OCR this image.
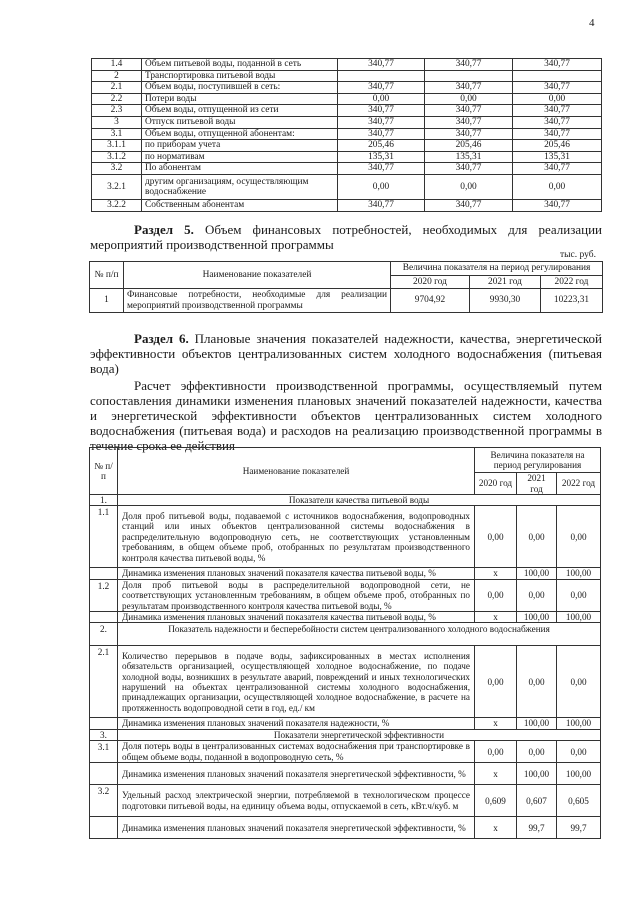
4
1.4	Объем питьевой воды, поданной в сеть	340,77	340,77	340,77
2	Транспортировка питьевой воды			
2.1	Объем воды, поступившей в сеть:	340,77	340,77	340,77
2.2	Потери воды	0,00	0,00	0,00
2.3	Объем воды, отпущенной из сети	340,77	340,77	340,77
3	Отпуск питьевой воды	340,77	340,77	340,77
3.1	Объем воды, отпущенной абонентам:	340,77	340,77	340,77
3.1.1	по приборам учета	205,46	205,46	205,46
3.1.2	по нормативам	135,31	135,31	135,31
3.2	По абонентам	340,77	340,77	340,77
3.2.1	другим организациям, осуществляющим водоснабжение	0,00	0,00	0,00
3.2.2	Собственным абонентам	340,77	340,77	340,77
Раздел 5. Объем финансовых потребностей, необходимых для реализации мероприятий производственной программы
тыс. руб.
№ п/п	Наименование показателей	Величина показателя на период регулирования		
		2020 год	2021 год	2022 год
1	Финансовые потребности, необходимые для реализации мероприятий производственной программы	9704,92	9930,30	10223,31
Раздел 6. Плановые значения показателей надежности, качества, энергетической эффективности объектов централизованных систем холодного водоснабжения (питьевая вода)
Расчет эффективности производственной программы, осуществляемый путем сопоставления динамики изменения плановых значений показателей надежности, качества и энергетической эффективности объектов централизованных систем холодного водоснабжения (питьевая вода) и расходов на реализацию производственной программы в течение срока ее действия
№ п/п	Наименование показателей	Величина показателя на период регулирования		
		2020 год	2021 год	2022 год
1.	Показатели качества питьевой воды			
1.1	Доля проб питьевой воды, подаваемой с источников водоснабжения, водопроводных станций или иных объектов централизованной системы водоснабжения в распределительную водопроводную сеть, не соответствующих установленным требованиям, в общем объеме проб, отобранных по результатам производственного контроля качества питьевой воды, %	0,00	0,00	0,00
	Динамика изменения плановых значений показателя качества питьевой воды, %	х	100,00	100,00
1.2	Доля проб питьевой воды в распределительной водопроводной сети, не соответствующих установленным требованиям, в общем объеме проб, отобранных по результатам производственного контроля качества питьевой воды, %	0,00	0,00	0,00
	Динамика изменения плановых значений показателя качества питьевой воды, %	х	100,00	100,00
2.	Показатель надежности и бесперебойности систем централизованного холодного водоснабжения			
2.1	Количество перерывов в подаче воды, зафиксированных в местах исполнения обязательств организацией, осуществляющей холодное водоснабжение, по подаче холодной воды, возникших в результате аварий, повреждений и иных технологических нарушений на объектах централизованной системы холодного водоснабжения, принадлежащих организации, осуществляющей холодное водоснабжение, в расчете на протяженность водопроводной сети в год, ед./ км	0,00	0,00	0,00
	Динамика изменения плановых значений показателя надежности, %	х	100,00	100,00
3.	Показатели энергетической эффективности			
3.1	Доля потерь воды в централизованных системах водоснабжения при транспортировке в общем объеме воды, поданной в водопроводную сеть, %	0,00	0,00	0,00
	Динамика изменения плановых значений показателя энергетической эффективности, %	х	100,00	100,00
3.2	Удельный расход электрической энергии, потребляемой в технологическом процессе подготовки питьевой воды, на единицу объема воды, отпускаемой в сеть, кВт.ч/куб. м	0,609	0,607	0,605
	Динамика изменения плановых значений показателя энергетической эффективности, %	х	99,7	99,7
